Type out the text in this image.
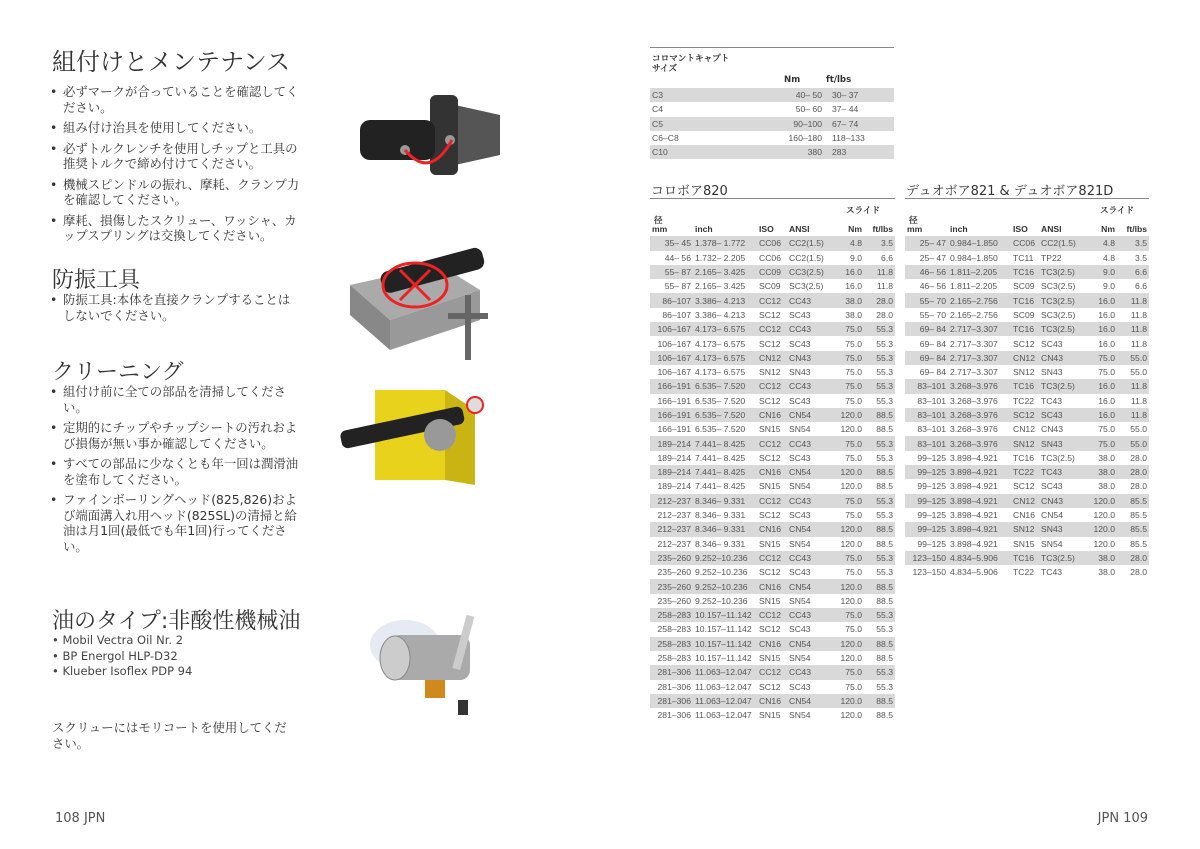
組付けとメンテナンス
• 必ずマークが合っていることを確認してください。
• 組み付け治具を使用してください。
• 必ずトルクレンチを使用しチップと工具の推奨トルクで締め付けてください。
• 機械スピンドルの振れ、摩耗、クランプ力を確認してください。
• 摩耗、損傷したスクリュー、ワッシャ、カップスプリングは交換してください。
防振工具
• 防振工具:本体を直接クランプすることはしないでください。
クリーニング
• 組付け前に全ての部品を清掃してください。
• 定期的にチップやチップシートの汚れおよび損傷が無い事か確認してください。
• すべての部品に少なくとも年一回は潤滑油を塗布してください。
• ファインボーリングヘッド(825,826)および端面溝入れ用ヘッド(825SL)の清掃と給油は月1回(最低でも年1回)行ってください。
油のタイプ:非酸性機械油
• Mobil Vectra Oil Nr. 2
• BP Energol HLP-D32
• Klueber Isoflex PDP 94
スクリューにはモリコートを使用してください。
108 JPN
コロマントキャプト
サイズ
Nm	ft/lbs
C3	40– 50	30– 37
C4	50– 60	37– 44
C5	90–100	67– 74
C6–C8	160–180	118–133
C10	380	283
コロボア820
スライド
径
mm	inch	ISO	ANSI	Nm	ft/lbs
35– 45	1.378– 1.772	CC06	CC2(1.5)	4.8	3.5
44– 56	1.732– 2.205	CC06	CC2(1.5)	9.0	6.6
55– 87	2.165– 3.425	CC09	CC3(2.5)	16.0	11.8
55– 87	2.165– 3.425	SC09	SC3(2.5)	16.0	11.8
86–107	3.386– 4.213	CC12	CC43	38.0	28.0
86–107	3.386– 4.213	SC12	SC43	38.0	28.0
106–167	4.173– 6.575	CC12	CC43	75.0	55.3
106–167	4.173– 6.575	SC12	SC43	75.0	55.3
106–167	4.173– 6.575	CN12	CN43	75.0	55.3
106–167	4.173– 6.575	SN12	SN43	75.0	55.3
166–191	6.535– 7.520	CC12	CC43	75.0	55.3
166–191	6.535– 7.520	SC12	SC43	75.0	55.3
166–191	6.535– 7.520	CN16	CN54	120.0	88.5
166–191	6.535– 7.520	SN15	SN54	120.0	88.5
189–214	7.441– 8.425	CC12	CC43	75.0	55.3
189–214	7.441– 8.425	SC12	SC43	75.0	55.3
189–214	7.441– 8.425	CN16	CN54	120.0	88.5
189–214	7.441– 8.425	SN15	SN54	120.0	88.5
212–237	8.346– 9.331	CC12	CC43	75.0	55.3
212–237	8.346– 9.331	SC12	SC43	75.0	55.3
212–237	8.346– 9.331	CN16	CN54	120.0	88.5
212–237	8.346– 9.331	SN15	SN54	120.0	88.5
235–260	9.252–10.236	CC12	CC43	75.0	55.3
235–260	9.252–10.236	SC12	SC43	75.0	55.3
235–260	9.252–10.236	CN16	CN54	120.0	88.5
235–260	9.252–10.236	SN15	SN54	120.0	88.5
258–283	10.157–11.142	CC12	CC43	75.0	55.3
258–283	10.157–11.142	SC12	SC43	75.0	55.3
258–283	10.157–11.142	CN16	CN54	120.0	88.5
258–283	10.157–11.142	SN15	SN54	120.0	88.5
281–306	11.063–12.047	CC12	CC43	75.0	55.3
281–306	11.063–12.047	SC12	SC43	75.0	55.3
281–306	11.063–12.047	CN16	CN54	120.0	88.5
281–306	11.063–12.047	SN15	SN54	120.0	88.5
デュオボア821 & デュオボア821D
スライド
径
mm	inch	ISO	ANSI	Nm	ft/lbs
25– 47	0.984–1.850	CC06	CC2(1.5)	4.8	3.5
25– 47	0.984–1.850	TC11	TP22	4.8	3.5
46– 56	1.811–2.205	TC16	TC3(2.5)	9.0	6.6
46– 56	1.811–2.205	SC09	SC3(2.5)	9.0	6.6
55– 70	2.165–2.756	TC16	TC3(2.5)	16.0	11.8
55– 70	2.165–2.756	SC09	SC3(2.5)	16.0	11.8
69– 84	2.717–3.307	TC16	TC3(2.5)	16.0	11.8
69– 84	2.717–3.307	SC12	SC43	16.0	11.8
69– 84	2.717–3.307	CN12	CN43	75.0	55.0
69– 84	2.717–3.307	SN12	SN43	75.0	55.0
83–101	3.268–3.976	TC16	TC3(2.5)	16.0	11.8
83–101	3.268–3.976	TC22	TC43	16.0	11.8
83–101	3.268–3.976	SC12	SC43	16.0	11.8
83–101	3.268–3.976	CN12	CN43	75.0	55.0
83–101	3.268–3.976	SN12	SN43	75.0	55.0
99–125	3.898–4.921	TC16	TC3(2.5)	38.0	28.0
99–125	3.898–4.921	TC22	TC43	38.0	28.0
99–125	3.898–4.921	SC12	SC43	38.0	28.0
99–125	3.898–4.921	CN12	CN43	120.0	85.5
99–125	3.898–4.921	CN16	CN54	120.0	85.5
99–125	3.898–4.921	SN12	SN43	120.0	85.5
99–125	3.898–4.921	SN15	SN54	120.0	85.5
123–150	4.834–5.906	TC16	TC3(2.5)	38.0	28.0
123–150	4.834–5.906	TC22	TC43	38.0	28.0
JPN 109
